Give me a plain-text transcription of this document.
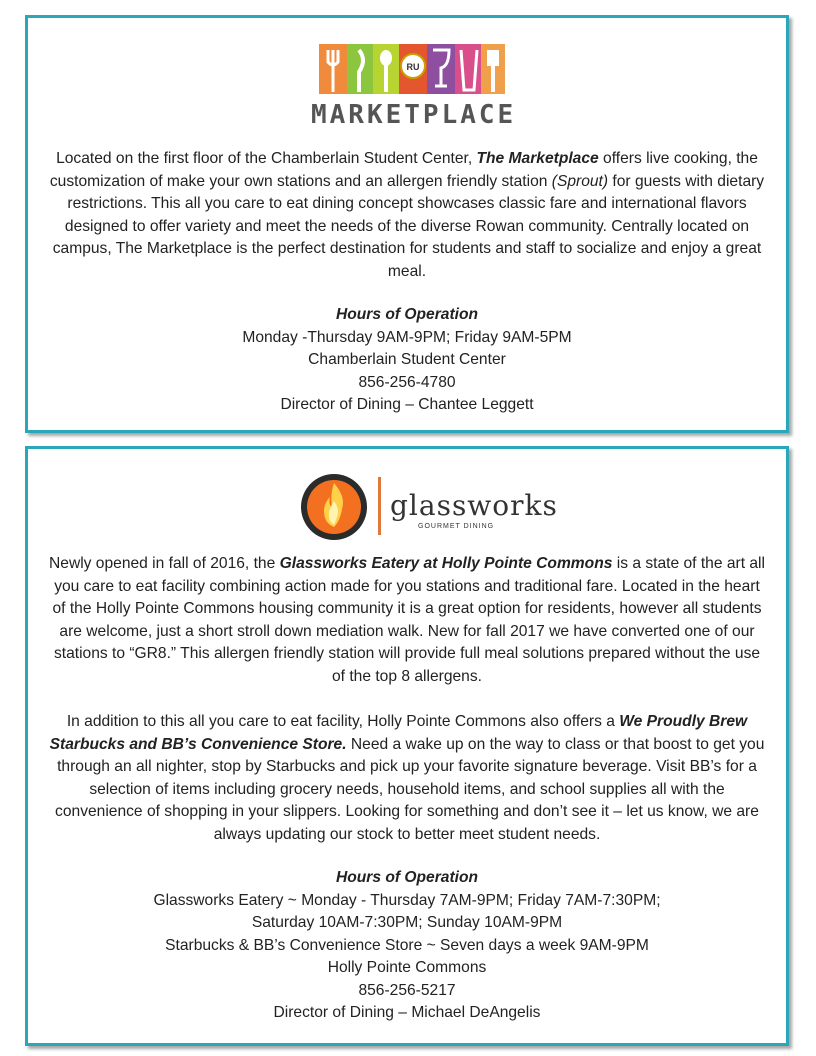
RU
MARKETPLACE

Located on the first floor of the Chamberlain Student Center, The Marketplace offers live cooking, the customization of make your own stations and an allergen friendly station (Sprout) for guests with dietary restrictions. This all you care to eat dining concept showcases classic fare and international flavors designed to offer variety and meet the needs of the diverse Rowan community. Centrally located on campus, The Marketplace is the perfect destination for students and staff to socialize and enjoy a great meal.

Hours of Operation
Monday -Thursday 9AM-9PM; Friday 9AM-5PM
Chamberlain Student Center
856-256-4780
Director of Dining – Chantee Leggett
glassworks
GOURMET DINING

Newly opened in fall of 2016, the Glassworks Eatery at Holly Pointe Commons is a state of the art all you care to eat facility combining action made for you stations and traditional fare. Located in the heart of the Holly Pointe Commons housing community it is a great option for residents, however all students are welcome, just a short stroll down mediation walk. New for fall 2017 we have converted one of our stations to “GR8.” This allergen friendly station will provide full meal solutions prepared without the use of the top 8 allergens.

In addition to this all you care to eat facility, Holly Pointe Commons also offers a We Proudly Brew Starbucks and BB’s Convenience Store. Need a wake up on the way to class or that boost to get you through an all nighter, stop by Starbucks and pick up your favorite signature beverage. Visit BB’s for a selection of items including grocery needs, household items, and school supplies all with the convenience of shopping in your slippers. Looking for something and don’t see it – let us know, we are always updating our stock to better meet student needs.

Hours of Operation
Glassworks Eatery ~ Monday - Thursday 7AM-9PM; Friday 7AM-7:30PM;
Saturday 10AM-7:30PM; Sunday 10AM-9PM
Starbucks & BB’s Convenience Store ~ Seven days a week 9AM-9PM
Holly Pointe Commons
856-256-5217
Director of Dining – Michael DeAngelis
